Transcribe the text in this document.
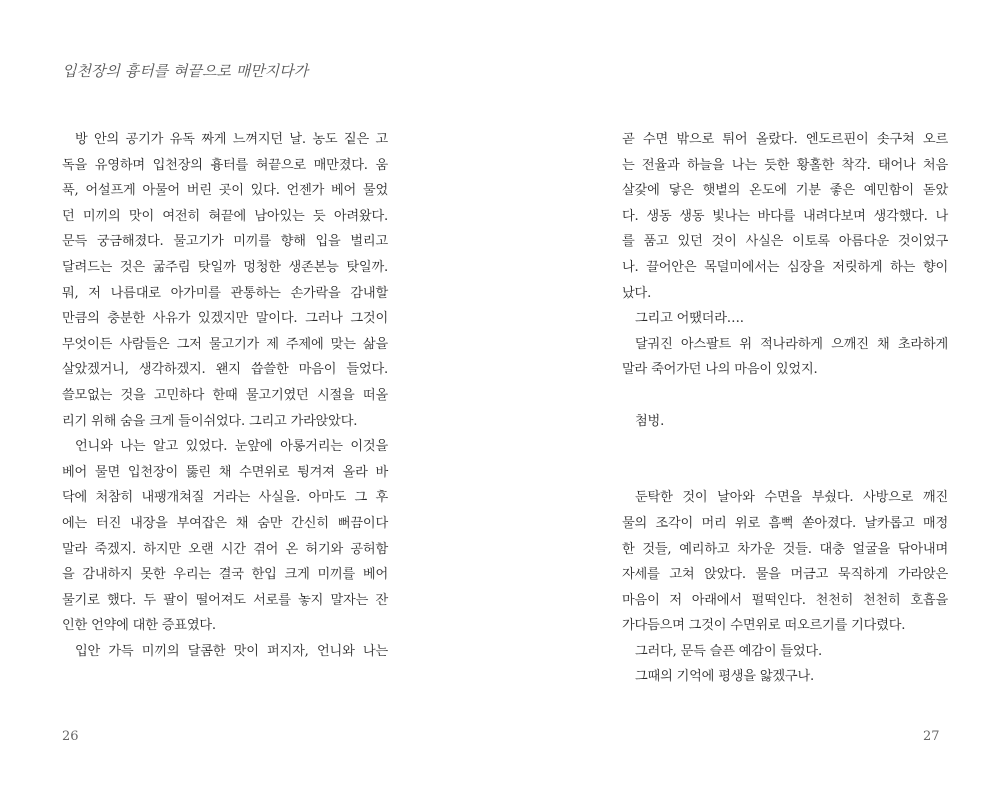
입천장의 흉터를 혀끝으로 매만지다가
방 안의 공기가 유독 짜게 느껴지던 날. 농도 짙은 고
독을 유영하며 입천장의 흉터를 혀끝으로 매만졌다. 움
푹, 어설프게 아물어 버린 곳이 있다. 언젠가 베어 물었
던 미끼의 맛이 여전히 혀끝에 남아있는 듯 아려왔다.
문득 궁금해졌다. 물고기가 미끼를 향해 입을 벌리고
달려드는 것은 굶주림 탓일까 멍청한 생존본능 탓일까.
뭐, 저 나름대로 아가미를 관통하는 손가락을 감내할
만큼의 충분한 사유가 있겠지만 말이다. 그러나 그것이
무엇이든 사람들은 그저 물고기가 제 주제에 맞는 삶을
살았겠거니, 생각하겠지. 왠지 씁쓸한 마음이 들었다.
쓸모없는 것을 고민하다 한때 물고기였던 시절을 떠올
리기 위해 숨을 크게 들이쉬었다. 그리고 가라앉았다.
언니와 나는 알고 있었다. 눈앞에 아롱거리는 이것을
베어 물면 입천장이 뚫린 채 수면위로 튕겨져 올라 바
닥에 처참히 내팽개쳐질 거라는 사실을. 아마도 그 후
에는 터진 내장을 부여잡은 채 숨만 간신히 뻐끔이다
말라 죽겠지. 하지만 오랜 시간 겪어 온 허기와 공허함
을 감내하지 못한 우리는 결국 한입 크게 미끼를 베어
물기로 했다. 두 팔이 떨어져도 서로를 놓지 말자는 잔
인한 언약에 대한 증표였다.
입안 가득 미끼의 달콤한 맛이 퍼지자, 언니와 나는
26
곧 수면 밖으로 튀어 올랐다. 엔도르핀이 솟구쳐 오르
는 전율과 하늘을 나는 듯한 황홀한 착각. 태어나 처음
살갗에 닿은 햇볕의 온도에 기분 좋은 예민함이 돋았
다. 생동 생동 빛나는 바다를 내려다보며 생각했다. 나
를 품고 있던 것이 사실은 이토록 아름다운 것이었구
나. 끌어안은 목덜미에서는 심장을 저릿하게 하는 향이
났다.
그리고 어땠더라….
달궈진 아스팔트 위 적나라하게 으깨진 채 초라하게
말라 죽어가던 나의 마음이 있었지.
첨벙.
둔탁한 것이 날아와 수면을 부쉈다. 사방으로 깨진
물의 조각이 머리 위로 흠뻑 쏟아졌다. 날카롭고 매정
한 것들, 예리하고 차가운 것들. 대충 얼굴을 닦아내며
자세를 고쳐 앉았다. 물을 머금고 묵직하게 가라앉은
마음이 저 아래에서 펄떡인다. 천천히 천천히 호흡을
가다듬으며 그것이 수면위로 떠오르기를 기다렸다.
그러다, 문득 슬픈 예감이 들었다.
그때의 기억에 평생을 앓겠구나.
27
